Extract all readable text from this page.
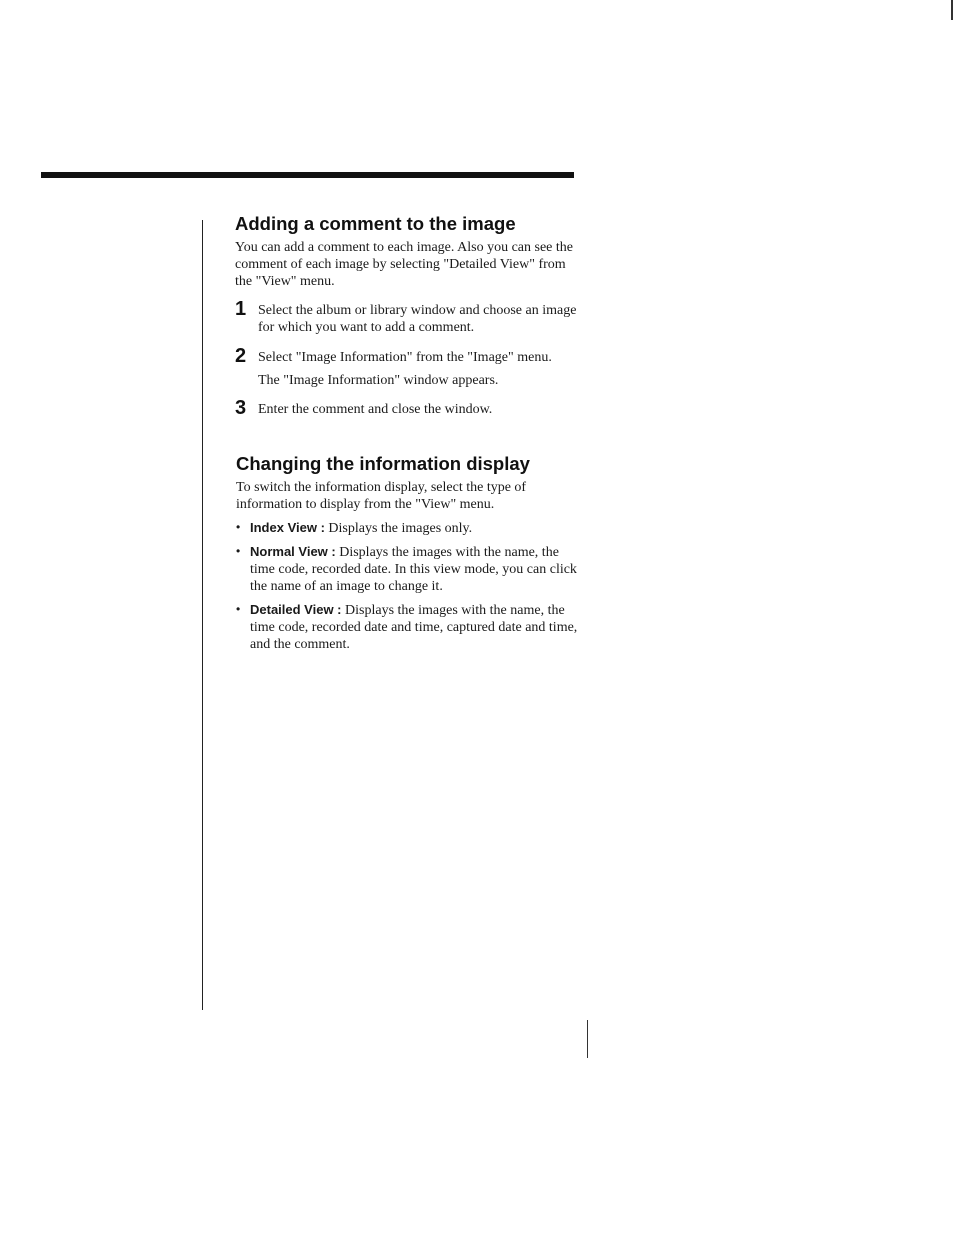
Adding a comment to the image

You can add a comment to each image. Also you can see the comment of each image by selecting "Detailed View" from the "View" menu.

1 Select the album or library window and choose an image for which you want to add a comment.

2 Select "Image Information" from the "Image" menu.

The "Image Information" window appears.

3 Enter the comment and close the window.

Changing the information display

To switch the information display, select the type of information to display from the "View" menu.

• Index View : Displays the images only.
• Normal View : Displays the images with the name, the time code, recorded date. In this view mode, you can click the name of an image to change it.
• Detailed View : Displays the images with the name, the time code, recorded date and time, captured date and time, and the comment.
